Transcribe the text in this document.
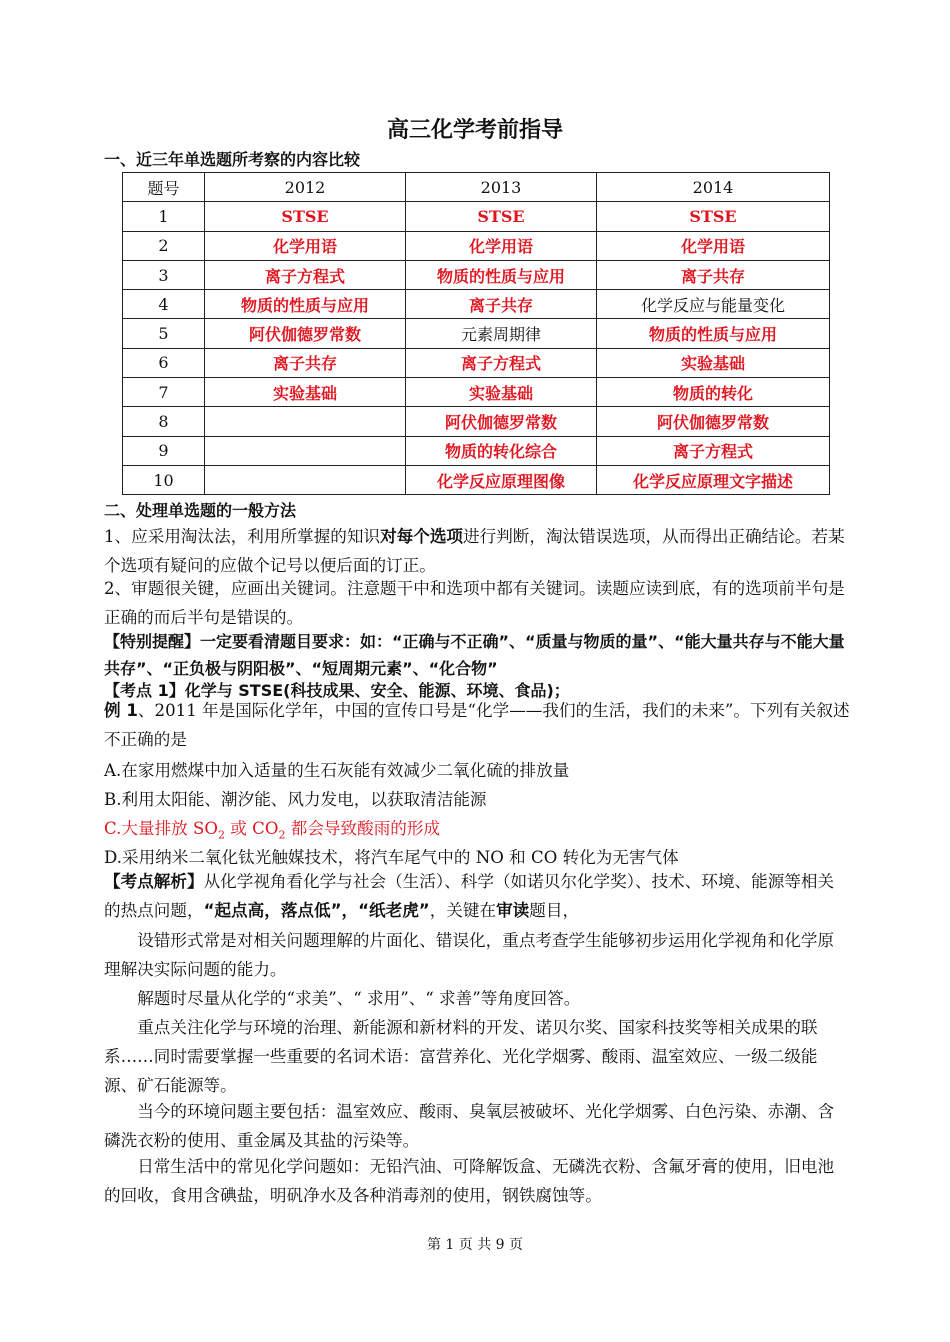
高三化学考前指导
一、近三年单选题所考察的内容比较
题号	2012	2013	2014
1	STSE	STSE	STSE
2	化学用语	化学用语	化学用语
3	离子方程式	物质的性质与应用	离子共存
4	物质的性质与应用	离子共存	化学反应与能量变化
5	阿伏伽德罗常数	元素周期律	物质的性质与应用
6	离子共存	离子方程式	实验基础
7	实验基础	实验基础	物质的转化
8		阿伏伽德罗常数	阿伏伽德罗常数
9		物质的转化综合	离子方程式
10		化学反应原理图像	化学反应原理文字描述
二、处理单选题的一般方法
1、应采用淘汰法，利用所掌握的知识对每个选项进行判断，淘汰错误选项，从而得出正确结论。若某个选项有疑问的应做个记号以便后面的订正。
2、审题很关键，应画出关键词。注意题干中和选项中都有关键词。读题应读到底，有的选项前半句是正确的而后半句是错误的。
【特别提醒】一定要看清题目要求：如：“正确与不正确”、“质量与物质的量”、“能大量共存与不能大量共存”、“正负极与阴阳极”、“短周期元素”、“化合物”
【考点 1】化学与 STSE(科技成果、安全、能源、环境、食品)；
例 1、2011 年是国际化学年，中国的宣传口号是“化学——我们的生活，我们的未来”。下列有关叙述不正确的是
A.在家用燃煤中加入适量的生石灰能有效减少二氧化硫的排放量
B.利用太阳能、潮汐能、风力发电，以获取清洁能源
C.大量排放 $SO_2$ 或 $CO_2$ 都会导致酸雨的形成
D.采用纳米二氧化钛光触媒技术，将汽车尾气中的 NO 和 CO 转化为无害气体
【考点解析】从化学视角看化学与社会（生活）、科学（如诺贝尔化学奖）、技术、环境、能源等相关的热点问题，“起点高，落点低”，“纸老虎”，关键在审读题目，
设错形式常是对相关问题理解的片面化、错误化，重点考查学生能够初步运用化学视角和化学原理解决实际问题的能力。
解题时尽量从化学的“求美”、“ 求用”、“ 求善”等角度回答。
重点关注化学与环境的治理、新能源和新材料的开发、诺贝尔奖、国家科技奖等相关成果的联系……同时需要掌握一些重要的名词术语：富营养化、光化学烟雾、酸雨、温室效应、一级二级能源、矿石能源等。
当今的环境问题主要包括：温室效应、酸雨、臭氧层被破坏、光化学烟雾、白色污染、赤潮、含磷洗衣粉的使用、重金属及其盐的污染等。
日常生活中的常见化学问题如：无铅汽油、可降解饭盒、无磷洗衣粉、含氟牙膏的使用，旧电池的回收，食用含碘盐，明矾净水及各种消毒剂的使用，钢铁腐蚀等。
第 1 页 共 9 页
